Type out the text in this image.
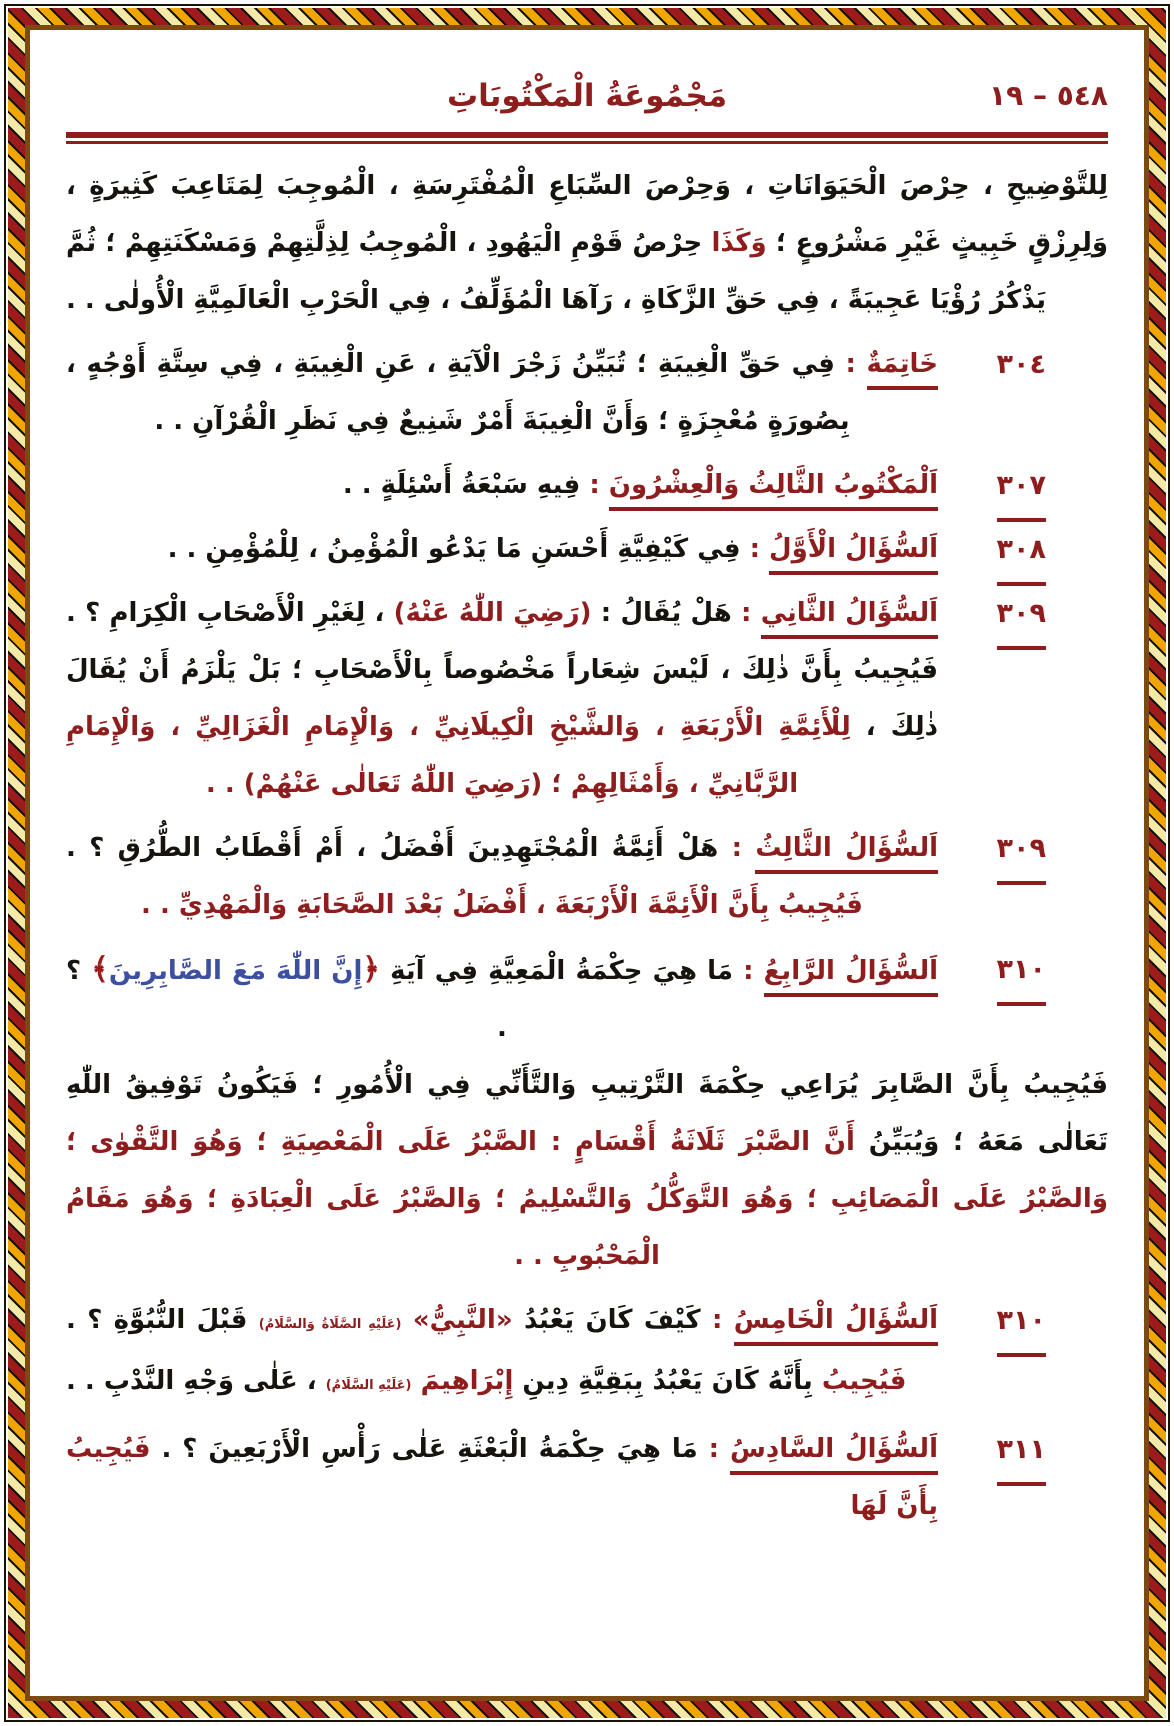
٥٤٨ – ١٩
مَجْمُوعَةُ الْمَكْتُوبَاتِ
لِلتَّوْضِيحِ ، حِرْصَ الْحَيَوَانَاتِ ، وَحِرْصَ السِّبَاعِ الْمُفْتَرِسَةِ ، الْمُوجِبَ لِمَتَاعِبَ كَثِيرَةٍ ، وَلِرِزْقٍ خَبِيثٍ غَيْرِ مَشْرُوعٍ ؛ وَكَذَا حِرْصُ قَوْمِ الْيَهُودِ ، الْمُوجِبُ لِذِلَّتِهِمْ وَمَسْكَنَتِهِمْ ؛ ثُمَّ يَذْكُرُ رُؤْيَا عَجِيبَةً ، فِي حَقِّ الزَّكَاةِ ، رَآهَا الْمُؤَلِّفُ ، فِي الْحَرْبِ الْعَالَمِيَّةِ الْأُولٰى . .
٣٠٤
خَاتِمَةٌ : فِي حَقِّ الْغِيبَةِ ؛ تُبَيِّنُ زَجْرَ الْآيَةِ ، عَنِ الْغِيبَةِ ، فِي سِتَّةِ أَوْجُهٍ ، بِصُورَةٍ مُعْجِزَةٍ ؛ وَأَنَّ الْغِيبَةَ أَمْرٌ شَنِيعٌ فِي نَظَرِ الْقُرْآنِ . .
٣٠٧
اَلْمَكْتُوبُ الثَّالِثُ وَالْعِشْرُونَ : فِيهِ سَبْعَةُ أَسْئِلَةٍ . .
٣٠٨
اَلسُّؤَالُ الْأَوَّلُ : فِي كَيْفِيَّةِ أَحْسَنِ مَا يَدْعُو الْمُؤْمِنُ ، لِلْمُؤْمِنِ . .
٣٠٩
اَلسُّؤَالُ الثَّانِي : هَلْ يُقَالُ : (رَضِيَ اللّٰهُ عَنْهُ) ، لِغَيْرِ الْأَصْحَابِ الْكِرَامِ ؟ . فَيُجِيبُ بِأَنَّ ذٰلِكَ ، لَيْسَ شِعَاراً مَخْصُوصاً بِالْأَصْحَابِ ؛ بَلْ يَلْزَمُ أَنْ يُقَالَ ذٰلِكَ ، لِلْأَئِمَّةِ الْأَرْبَعَةِ ، وَالشَّيْخِ الْكِيلَانِيِّ ، وَالْإِمَامِ الْغَزَالِيِّ ، وَالْإِمَامِ الرَّبَّانِيِّ ، وَأَمْثَالِهِمْ ؛ (رَضِيَ اللّٰهُ تَعَالٰى عَنْهُمْ) . .
٣٠٩
اَلسُّؤَالُ الثَّالِثُ : هَلْ أَئِمَّةُ الْمُجْتَهِدِينَ أَفْضَلُ ، أَمْ أَقْطَابُ الطُّرُقِ ؟ . فَيُجِيبُ بِأَنَّ الْأَئِمَّةَ الْأَرْبَعَةَ ، أَفْضَلُ بَعْدَ الصَّحَابَةِ وَالْمَهْدِيِّ . .
٣١٠
اَلسُّؤَالُ الرَّابِعُ : مَا هِيَ حِكْمَةُ الْمَعِيَّةِ فِي آيَةِ ﴿إِنَّ اللّٰهَ مَعَ الصَّابِرِينَ﴾ ؟ .
فَيُجِيبُ بِأَنَّ الصَّابِرَ يُرَاعِي حِكْمَةَ التَّرْتِيبِ وَالتَّأَنِّي فِي الْأُمُورِ ؛ فَيَكُونُ تَوْفِيقُ اللّٰهِ تَعَالٰى مَعَهُ ؛ وَيُبَيِّنُ أَنَّ الصَّبْرَ ثَلَاثَةُ أَقْسَامٍ : الصَّبْرُ عَلَى الْمَعْصِيَةِ ؛ وَهُوَ التَّقْوٰى ؛ وَالصَّبْرُ عَلَى الْمَصَائِبِ ؛ وَهُوَ التَّوَكُّلُ وَالتَّسْلِيمُ ؛ وَالصَّبْرُ عَلَى الْعِبَادَةِ ؛ وَهُوَ مَقَامُ الْمَحْبُوبِ . .
٣١٠
اَلسُّؤَالُ الْخَامِسُ : كَيْفَ كَانَ يَعْبُدُ «النَّبِيُّ» (عَلَيْهِ الصَّلَاةُ وَالسَّلَامُ) قَبْلَ النُّبُوَّةِ ؟ . فَيُجِيبُ بِأَنَّهُ كَانَ يَعْبُدُ بِبَقِيَّةِ دِينِ إِبْرَاهِيمَ (عَلَيْهِ السَّلَامُ) ، عَلٰى وَجْهِ النَّدْبِ . .
٣١١
اَلسُّؤَالُ السَّادِسُ : مَا هِيَ حِكْمَةُ الْبَعْثَةِ عَلٰى رَأْسِ الْأَرْبَعِينَ ؟ . فَيُجِيبُ بِأَنَّ لَهَا
